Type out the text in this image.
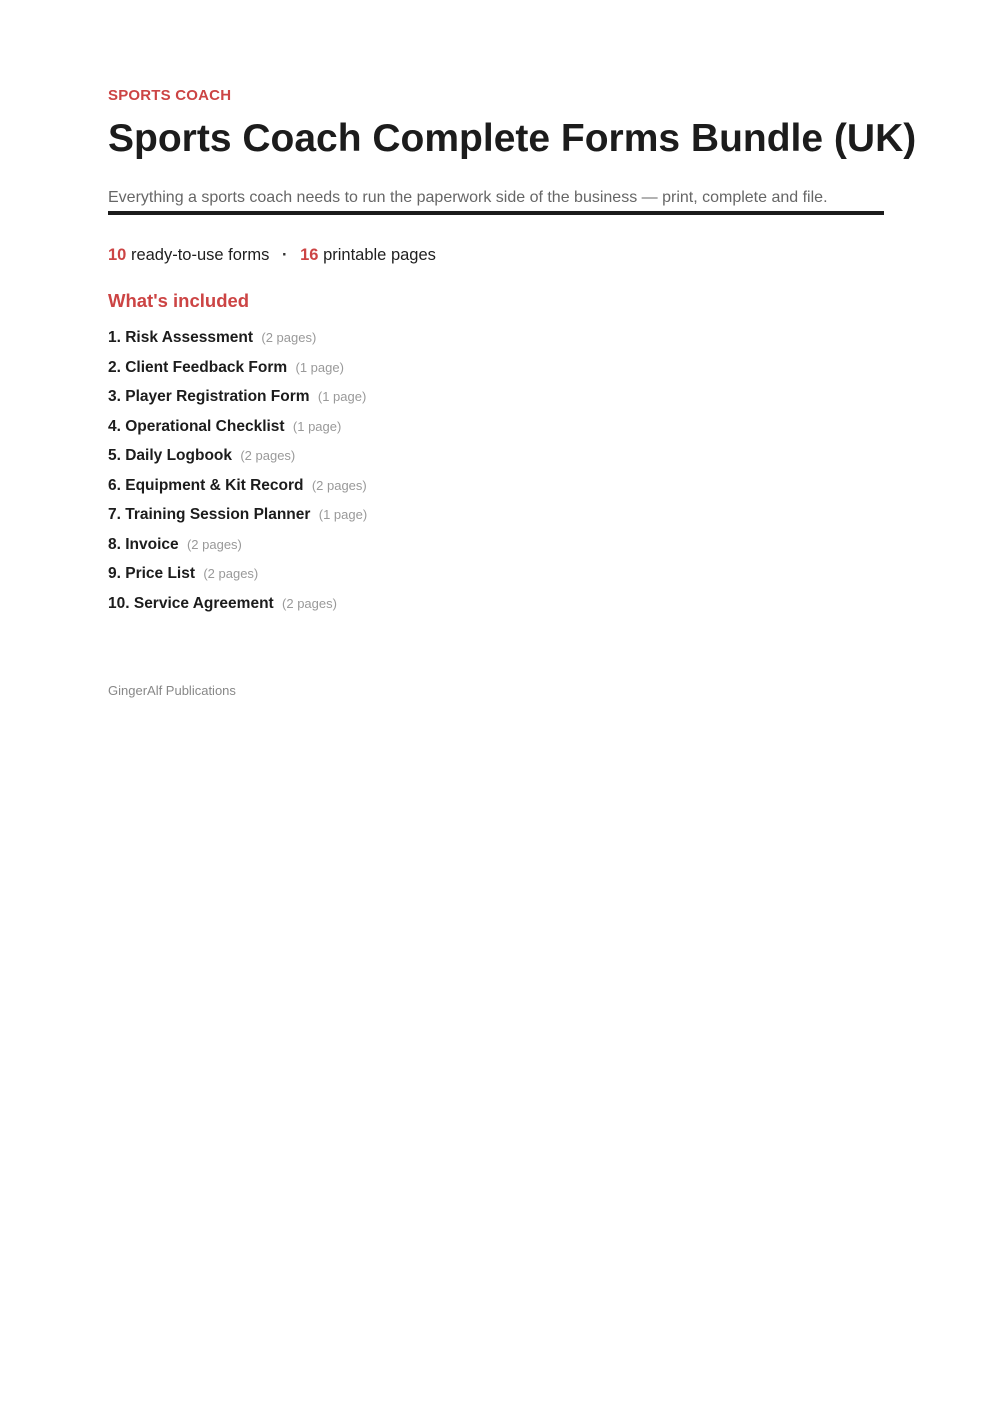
SPORTS COACH
Sports Coach Complete Forms Bundle (UK)
Everything a sports coach needs to run the paperwork side of the business — print, complete and file.
10 ready-to-use forms · 16 printable pages
What's included
1. Risk Assessment (2 pages)
2. Client Feedback Form (1 page)
3. Player Registration Form (1 page)
4. Operational Checklist (1 page)
5. Daily Logbook (2 pages)
6. Equipment & Kit Record (2 pages)
7. Training Session Planner (1 page)
8. Invoice (2 pages)
9. Price List (2 pages)
10. Service Agreement (2 pages)
GingerAlf Publications
